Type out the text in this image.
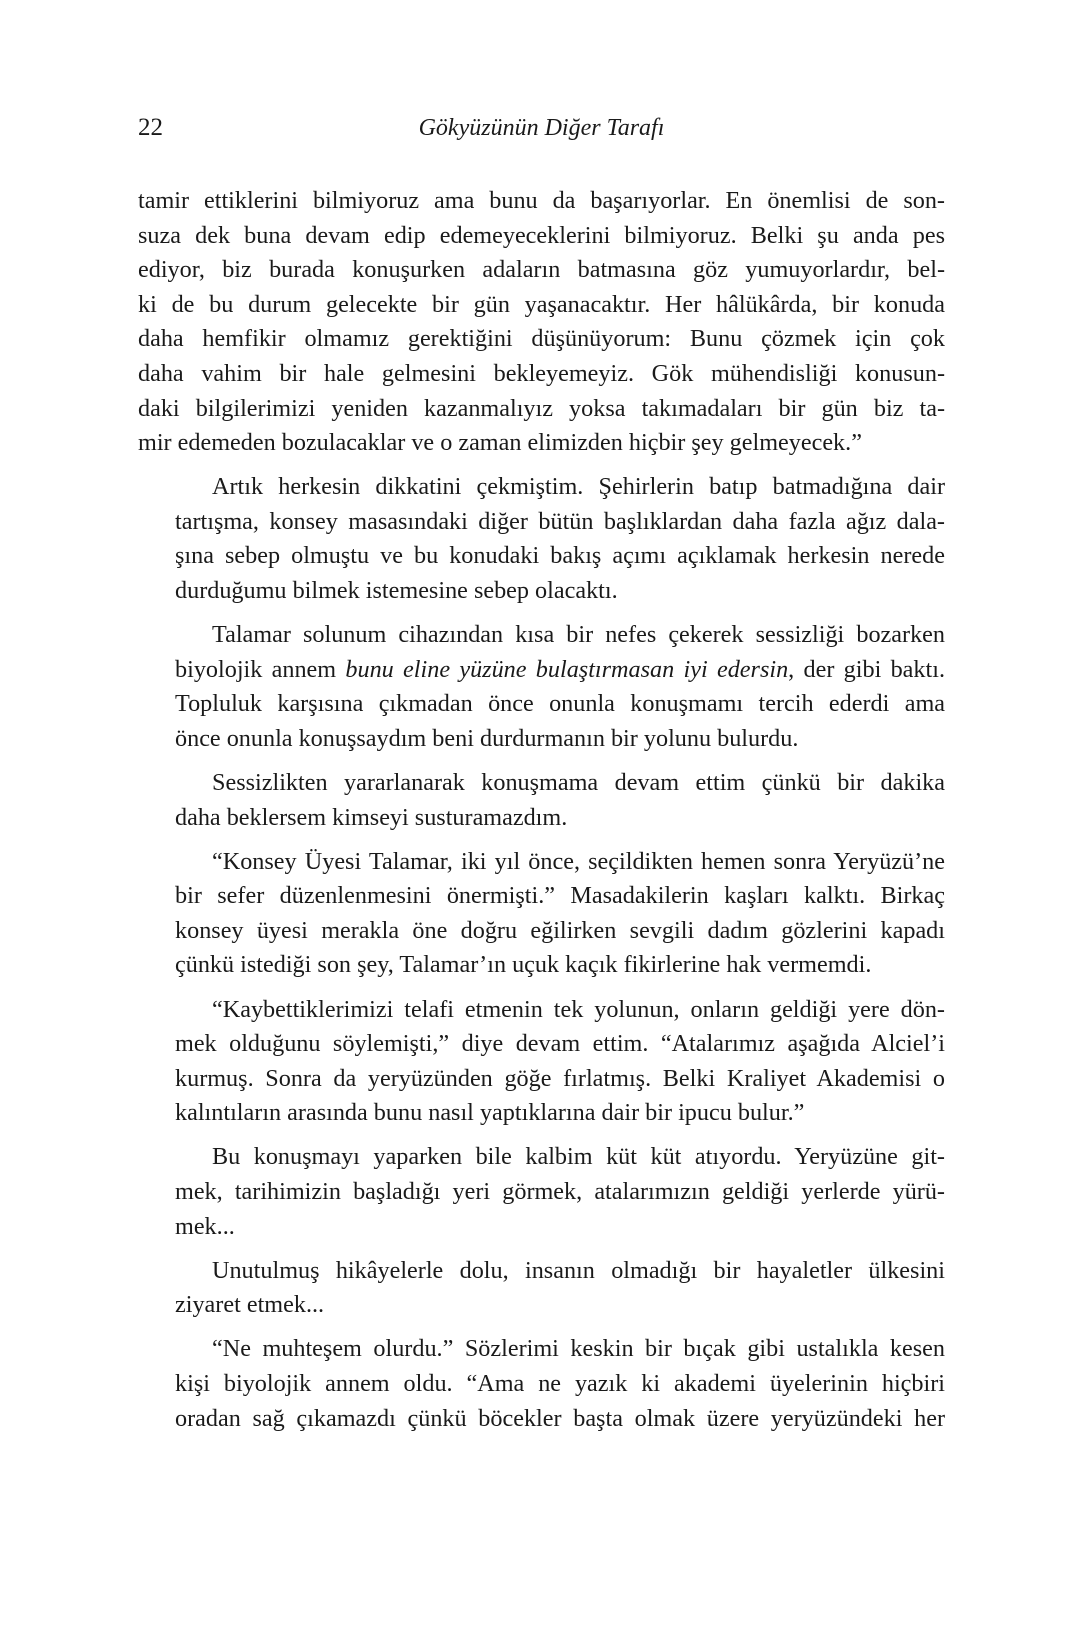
22	Gökyüzünün Diğer Tarafı

tamir ettiklerini bilmiyoruz ama bunu da başarıyorlar. En önemlisi de son-
suza dek buna devam edip edemeyeceklerini bilmiyoruz. Belki şu anda pes
ediyor, biz burada konuşurken adaların batmasına göz yumuyorlardır, bel-
ki de bu durum gelecekte bir gün yaşanacaktır. Her hâlükârda, bir konuda
daha hemfikir olmamız gerektiğini düşünüyorum: Bunu çözmek için çok
daha vahim bir hale gelmesini bekleyemeyiz. Gök mühendisliği konusun-
daki bilgilerimizi yeniden kazanmalıyız yoksa takımadaları bir gün biz ta-
mir edemeden bozulacaklar ve o zaman elimizden hiçbir şey gelmeyecek.”

Artık herkesin dikkatini çekmiştim. Şehirlerin batıp batmadığına dair
tartışma, konsey masasındaki diğer bütün başlıklardan daha fazla ağız dala-
şına sebep olmuştu ve bu konudaki bakış açımı açıklamak herkesin nerede
durduğumu bilmek istemesine sebep olacaktı.

Talamar solunum cihazından kısa bir nefes çekerek sessizliği bozarken
biyolojik annem bunu eline yüzüne bulaştırmasan iyi edersin, der gibi baktı.
Topluluk karşısına çıkmadan önce onunla konuşmamı tercih ederdi ama
önce onunla konuşsaydım beni durdurmanın bir yolunu bulurdu.

Sessizlikten yararlanarak konuşmama devam ettim çünkü bir dakika
daha beklersem kimseyi susturamazdım.

“Konsey Üyesi Talamar, iki yıl önce, seçildikten hemen sonra Yeryüzü’ne
bir sefer düzenlenmesini önermişti.” Masadakilerin kaşları kalktı. Birkaç
konsey üyesi merakla öne doğru eğilirken sevgili dadım gözlerini kapadı
çünkü istediği son şey, Talamar’ın uçuk kaçık fikirlerine hak vermemdi.

“Kaybettiklerimizi telafi etmenin tek yolunun, onların geldiği yere dön-
mek olduğunu söylemişti,” diye devam ettim. “Atalarımız aşağıda Alciel’i
kurmuş. Sonra da yeryüzünden göğe fırlatmış. Belki Kraliyet Akademisi o
kalıntıların arasında bunu nasıl yaptıklarına dair bir ipucu bulur.”

Bu konuşmayı yaparken bile kalbim küt küt atıyordu. Yeryüzüne git-
mek, tarihimizin başladığı yeri görmek, atalarımızın geldiği yerlerde yürü-
mek...

Unutulmuş hikâyelerle dolu, insanın olmadığı bir hayaletler ülkesini
ziyaret etmek...

“Ne muhteşem olurdu.” Sözlerimi keskin bir bıçak gibi ustalıkla kesen
kişi biyolojik annem oldu. “Ama ne yazık ki akademi üyelerinin hiçbiri
oradan sağ çıkamazdı çünkü böcekler başta olmak üzere yeryüzündeki her
